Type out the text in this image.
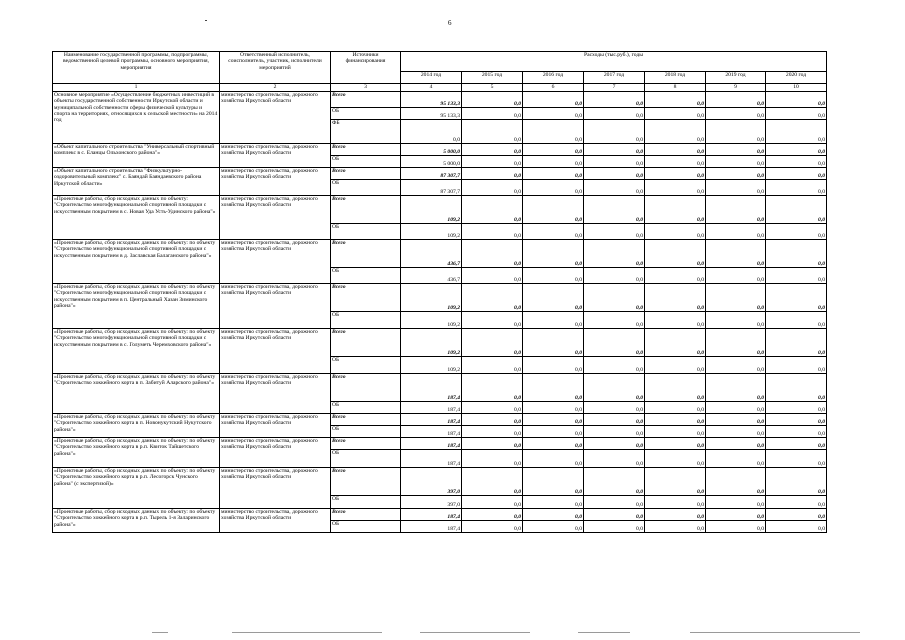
6
Наименование государственной программы, подпрограммы, ведомственной целевой программы, основного мероприятия, мероприятия	Ответственный исполнитель, соисполнитель, участник, исполнители мероприятий	Источники финансирования	Расходы (тыс.руб.), годы						
			2014 год	2015 год	2016 год	2017 год	2018 год	2019 год	2020 год
1	2	3	4	5	6	7	8	9	10
Основное мероприятие «Осуществление бюджетных инвестиций в объекты государственной собственности Иркутской области и муниципальной собственности сферы физической культуры и спорта на территориях, относящихся к сельской местности» на 2014 год	министерство строительства, дорожного хозяйства Иркутской области	Всего	95 133,3	0,0	0,0	0,0	0,0	0,0	0,0
		ОБ	95 133,3	0,0	0,0	0,0	0,0	0,0	0,0
		ФБ	0,0	0,0	0,0	0,0	0,0	0,0	0,0
«Объект капитального строительства "Универсальный спортивный комплекс в с. Еланцы Ольхонского района"»	министерство строительства, дорожного хозяйства Иркутской области	Всего	5 000,0	0,0	0,0	0,0	0,0	0,0	0,0
		ОБ	5 000,0	0,0	0,0	0,0	0,0	0,0	0,0
«Объект капитального строительства "Физкультурно-оздоровительный комплекс" с. Баяндай Баяндаевского района Иркутской области»	министерство строительства, дорожного хозяйства Иркутской области	Всего	87 307,7	0,0	0,0	0,0	0,0	0,0	0,0
		ОБ	87 307,7	0,0	0,0	0,0	0,0	0,0	0,0
«Проектные работы, сбор исходных данных по объекту: "Строительство многофункциональной спортивной площадки с искусственным покрытием в с. Новая Уда Усть-Удинского района"»	министерство строительства, дорожного хозяйства Иркутской области	Всего	109,2	0,0	0,0	0,0	0,0	0,0	0,0
		ОБ	109,2	0,0	0,0	0,0	0,0	0,0	0,0
«Проектные работы, сбор исходных данных по объекту: по объекту "Строительство многофункциональной спортивной площадки с искусственным покрытием в д. Заславская Балаганского района"»	министерство строительства, дорожного хозяйства Иркутской области	Всего	436,7	0,0	0,0	0,0	0,0	0,0	0,0
		ОБ	436,7	0,0	0,0	0,0	0,0	0,0	0,0
«Проектные работы, сбор исходных данных по объекту: по объекту "Строительство многофункциональной спортивной площадки с искусственным покрытием в п. Центральный Хазан Зиминского района"»	министерство строительства, дорожного хозяйства Иркутской области	Всего	109,2	0,0	0,0	0,0	0,0	0,0	0,0
		ОБ	109,2	0,0	0,0	0,0	0,0	0,0	0,0
«Проектные работы, сбор исходных данных по объекту: по объекту "Строительство многофункциональной спортивной площадки с искусственным покрытием в с. Голуметь Черемховского района"»	министерство строительства, дорожного хозяйства Иркутской области	Всего	109,2	0,0	0,0	0,0	0,0	0,0	0,0
		ОБ	109,2	0,0	0,0	0,0	0,0	0,0	0,0
«Проектные работы, сбор исходных данных по объекту: по объекту "Строительство хоккейного корта в п. Забитуй Аларского района"»	министерство строительства, дорожного хозяйства Иркутской области	Всего	187,4	0,0	0,0	0,0	0,0	0,0	0,0
		ОБ	187,4	0,0	0,0	0,0	0,0	0,0	0,0
«Проектные работы, сбор исходных данных по объекту: по объекту "Строительство хоккейного корта в п. Новонукутский Нукутского района"»	министерство строительства, дорожного хозяйства Иркутской области	Всего	187,4	0,0	0,0	0,0	0,0	0,0	0,0
		ОБ	187,4	0,0	0,0	0,0	0,0	0,0	0,0
«Проектные работы, сбор исходных данных по объекту: по объекту "Строительство хоккейного корта в р.п. Квиток Тайшетского района"»	министерство строительства, дорожного хозяйства Иркутской области	Всего	187,4	0,0	0,0	0,0	0,0	0,0	0,0
		ОБ	187,4	0,0	0,0	0,0	0,0	0,0	0,0
«Проектные работы, сбор исходных данных по объекту: по объекту "Строительство хоккейного корта в р.п. Лесогорск Чунского района" (с экспертизой)»	министерство строительства, дорожного хозяйства Иркутской области	Всего	397,0	0,0	0,0	0,0	0,0	0,0	0,0
		ОБ	397,0	0,0	0,0	0,0	0,0	0,0	0,0
«Проектные работы, сбор исходных данных по объекту: по объекту "Строительство хоккейного корта в р.п. Тырель 1-я Заларинского района"»	министерство строительства, дорожного хозяйства Иркутской области	Всего	187,4	0,0	0,0	0,0	0,0	0,0	0,0
		ОБ	187,4	0,0	0,0	0,0	0,0	0,0	0,0
